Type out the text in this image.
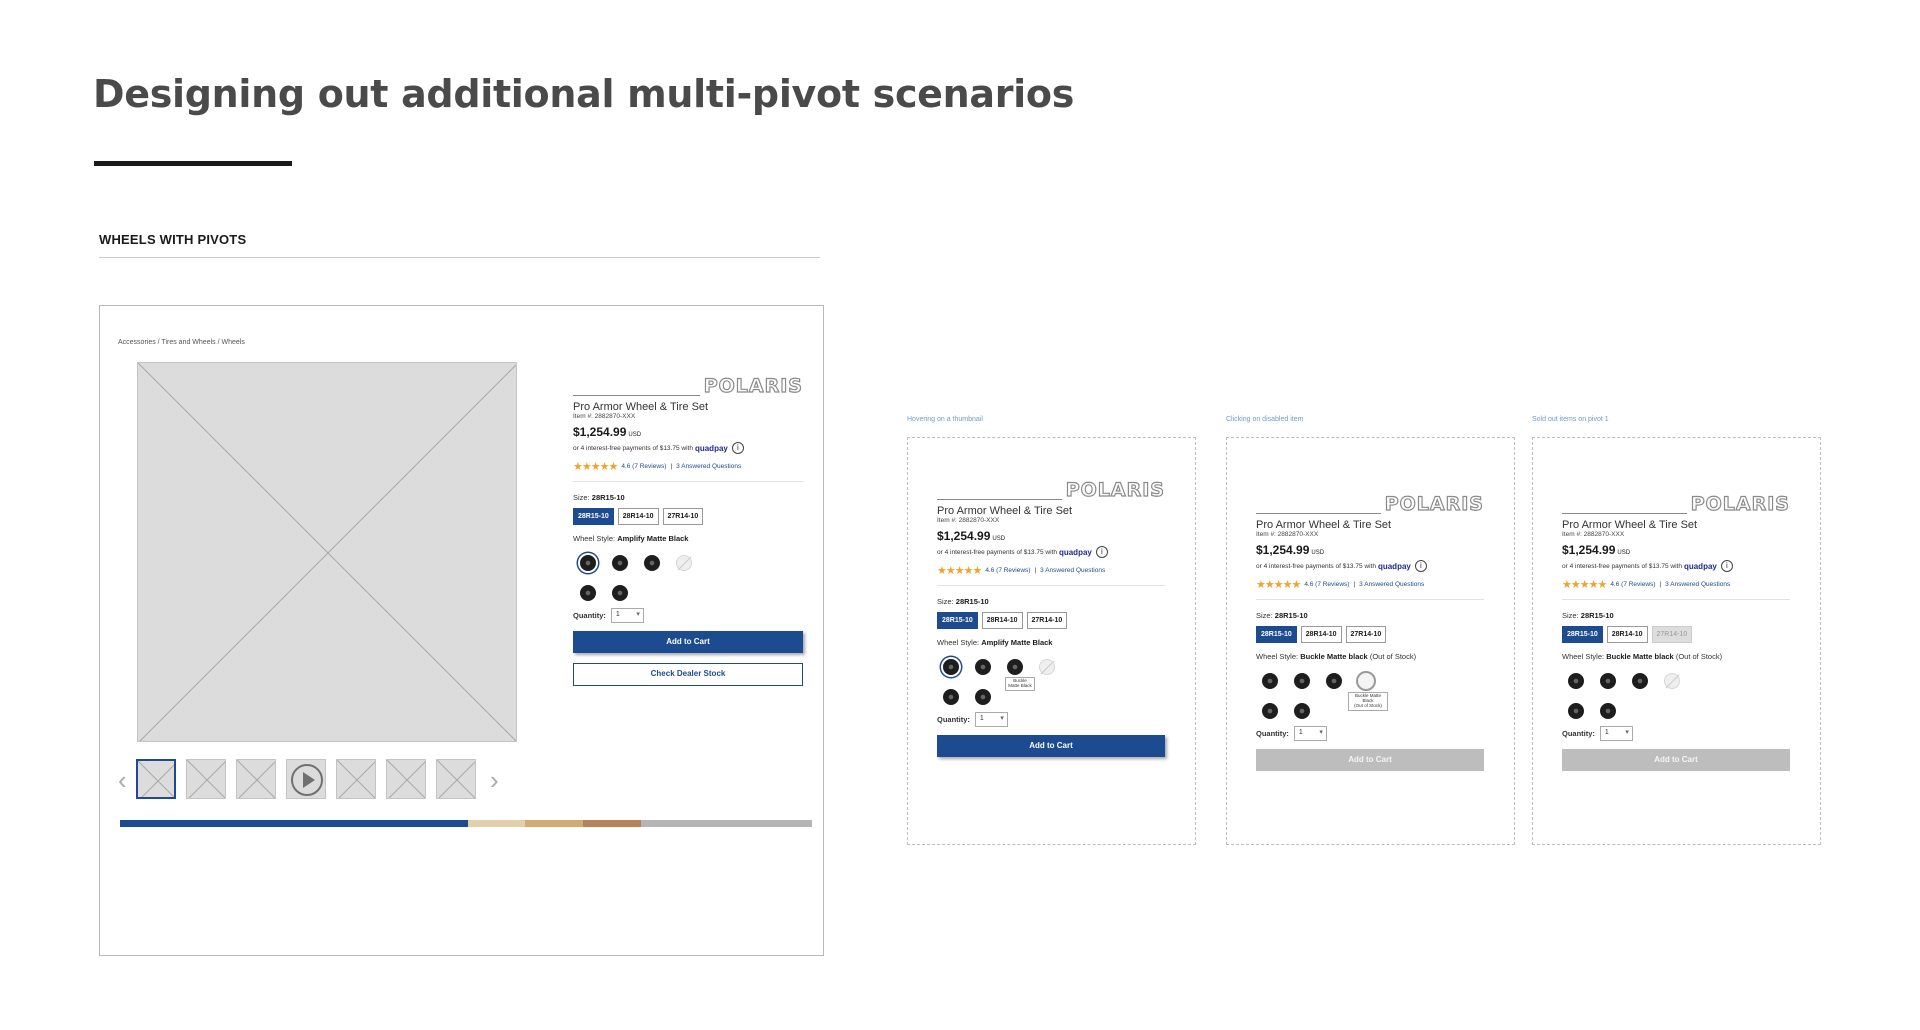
Designing out additional multi-pivot scenarios
WHEELS WITH PIVOTS
Accessories / Tires and Wheels / Wheels
‹	›
POLARIS
Pro Armor Wheel & Tire Set
Item #: 2882870-XXX
$1,254.99 USD
or 4 interest-free payments of $13.75 with quadpay	i
★★★★★ 4.6 (7 Reviews) | 3 Answered Questions
Size: 28R15-10
28R15-10	28R14-10	27R14-10
Wheel Style: Amplify Matte Black
Quantity:	1 ▾
Add to Cart
Check Dealer Stock
Hovering on a thumbnail
POLARIS
Pro Armor Wheel & Tire Set
Item #: 2882870-XXX
$1,254.99 USD
or 4 interest-free payments of $13.75 with quadpay	i
★★★★★ 4.6 (7 Reviews) | 3 Answered Questions
Size: 28R15-10
28R15-10	28R14-10	27R14-10
Wheel Style: Amplify Matte Black
Buckle Matte Black
Quantity:	1 ▾
Add to Cart
Clicking on disabled item
POLARIS
Pro Armor Wheel & Tire Set
Item #: 2882870-XXX
$1,254.99 USD
or 4 interest-free payments of $13.75 with quadpay	i
★★★★★ 4.6 (7 Reviews) | 3 Answered Questions
Size: 28R15-10
28R15-10	28R14-10	27R14-10
Wheel Style: Buckle Matte black (Out of Stock)
Buckle Matte Black
(Out of Stock)
Quantity:	1 ▾
Add to Cart
Sold out items on pivot 1
POLARIS
Pro Armor Wheel & Tire Set
Item #: 2882870-XXX
$1,254.99 USD
or 4 interest-free payments of $13.75 with quadpay	i
★★★★★ 4.6 (7 Reviews) | 3 Answered Questions
Size: 28R15-10
28R15-10	28R14-10	27R14-10
Wheel Style: Buckle Matte black (Out of Stock)
Quantity:	1 ▾
Add to Cart
